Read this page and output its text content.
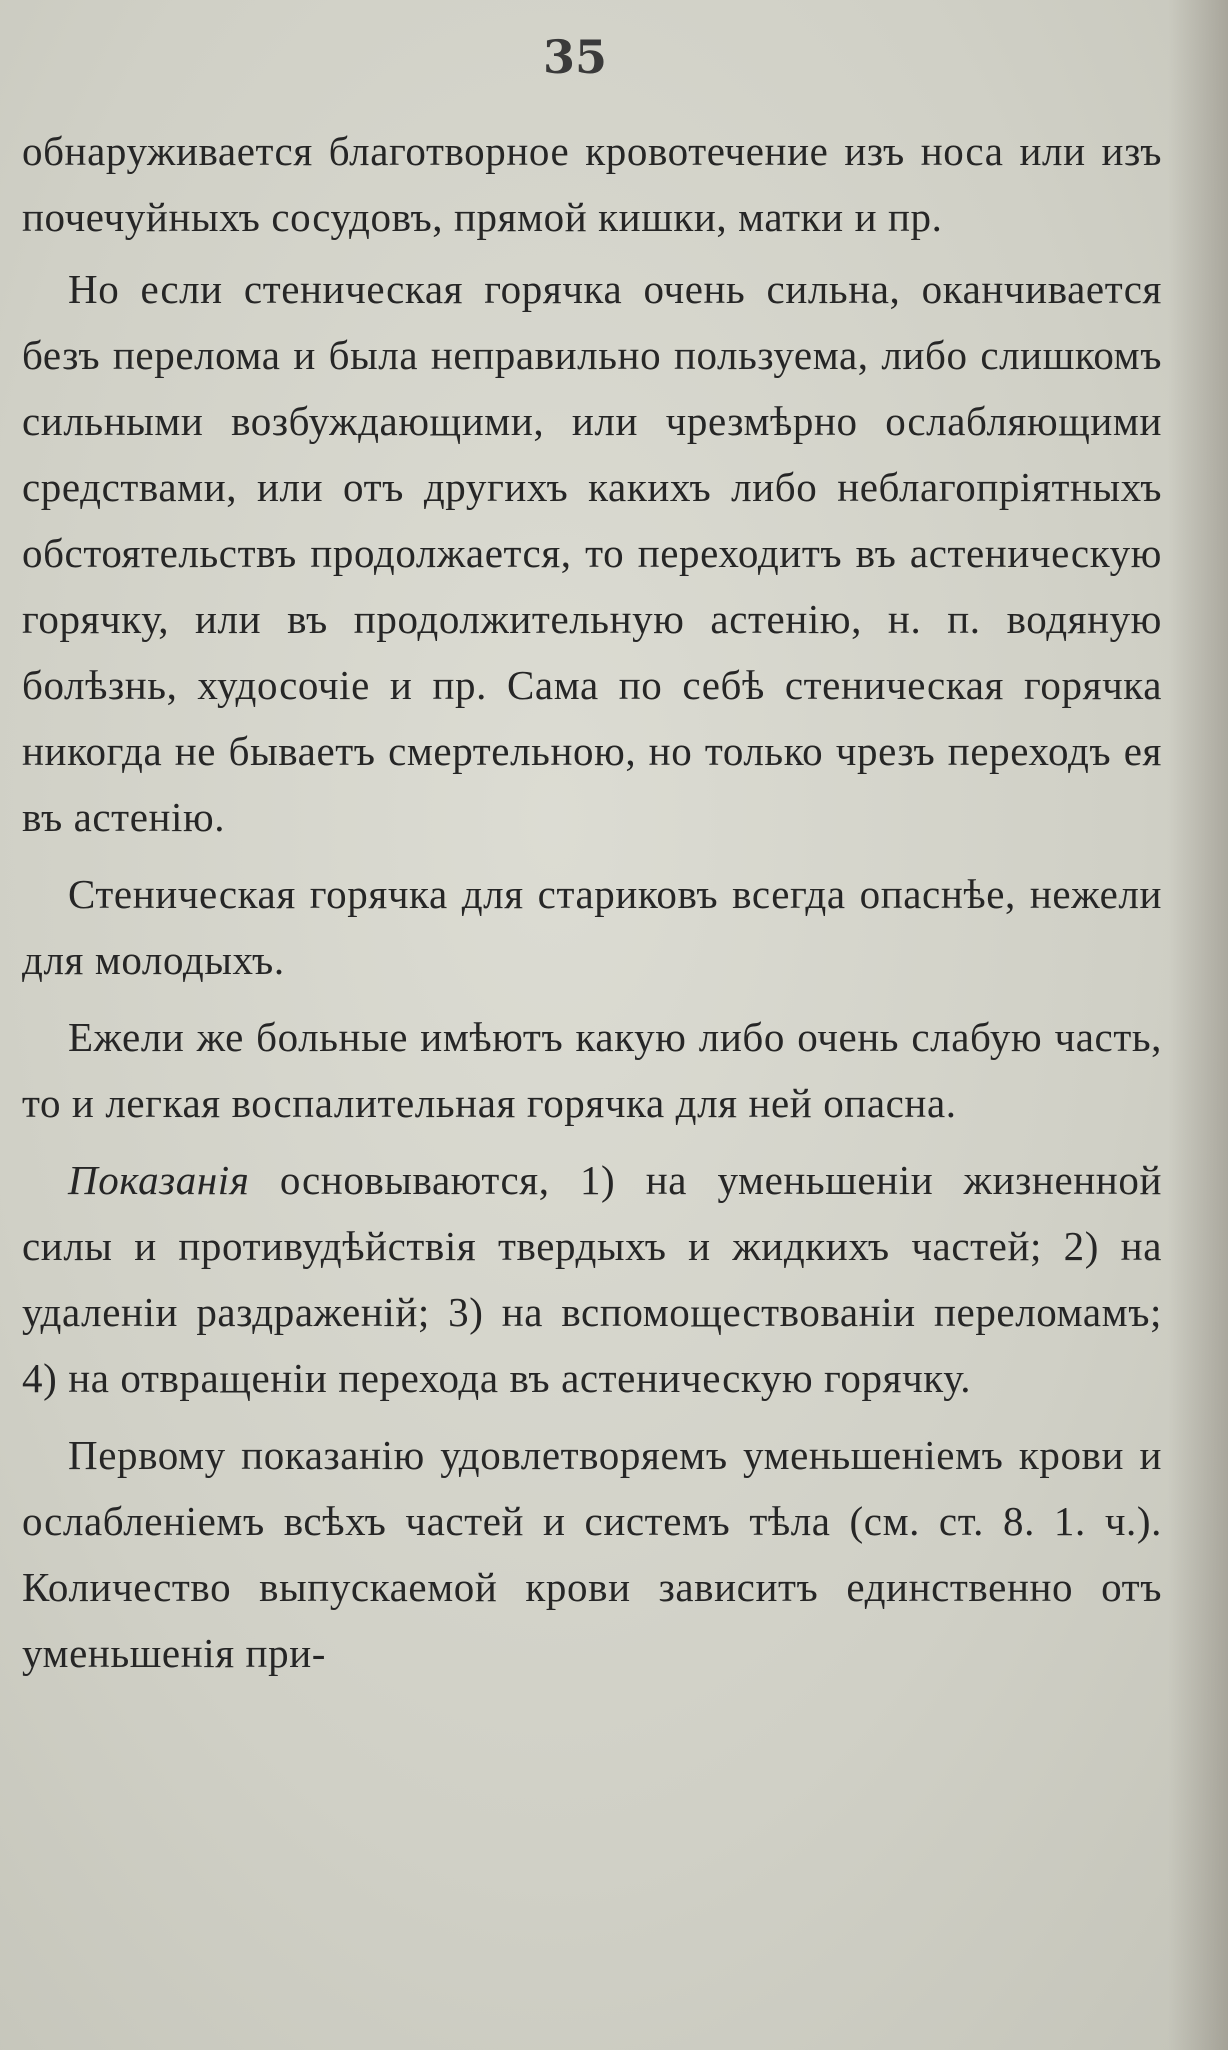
35

обнаруживается благотворное кровотечение изъ носа или изъ почечуйныхъ сосудовъ, прямой кишки, матки и пр.

Но если стеническая горячка очень сильна, оканчивается безъ перелома и была неправильно пользуема, либо слишкомъ сильными возбуждающими, или чрезмѣрно ослабляющими средствами, или отъ другихъ какихъ либо неблагопріятныхъ обстоятельствъ продолжается, то переходитъ въ астеническую горячку, или въ продолжительную астенію, н. п. водяную болѣзнь, худосочіе и пр. Сама по себѣ стеническая горячка никогда не бываетъ смертельною, но только чрезъ переходъ ея въ астенію.

Стеническая горячка для стариковъ всегда опаснѣе, нежели для молодыхъ.

Ежели же больные имѣютъ какую либо очень слабую часть, то и легкая воспалительная горячка для ней опасна.

Показанія основываются, 1) на уменьшеніи жизненной силы и противудѣйствія твердыхъ и жидкихъ частей; 2) на удаленіи раздраженій; 3) на вспомоществованіи переломамъ; 4) на отвращеніи перехода въ астеническую горячку.

Первому показанію удовлетворяемъ уменьшеніемъ крови и ослабленіемъ всѣхъ частей и системъ тѣла (см. ст. 8. 1. ч.). Количество выпускаемой крови зависитъ единственно отъ уменьшенія при-
